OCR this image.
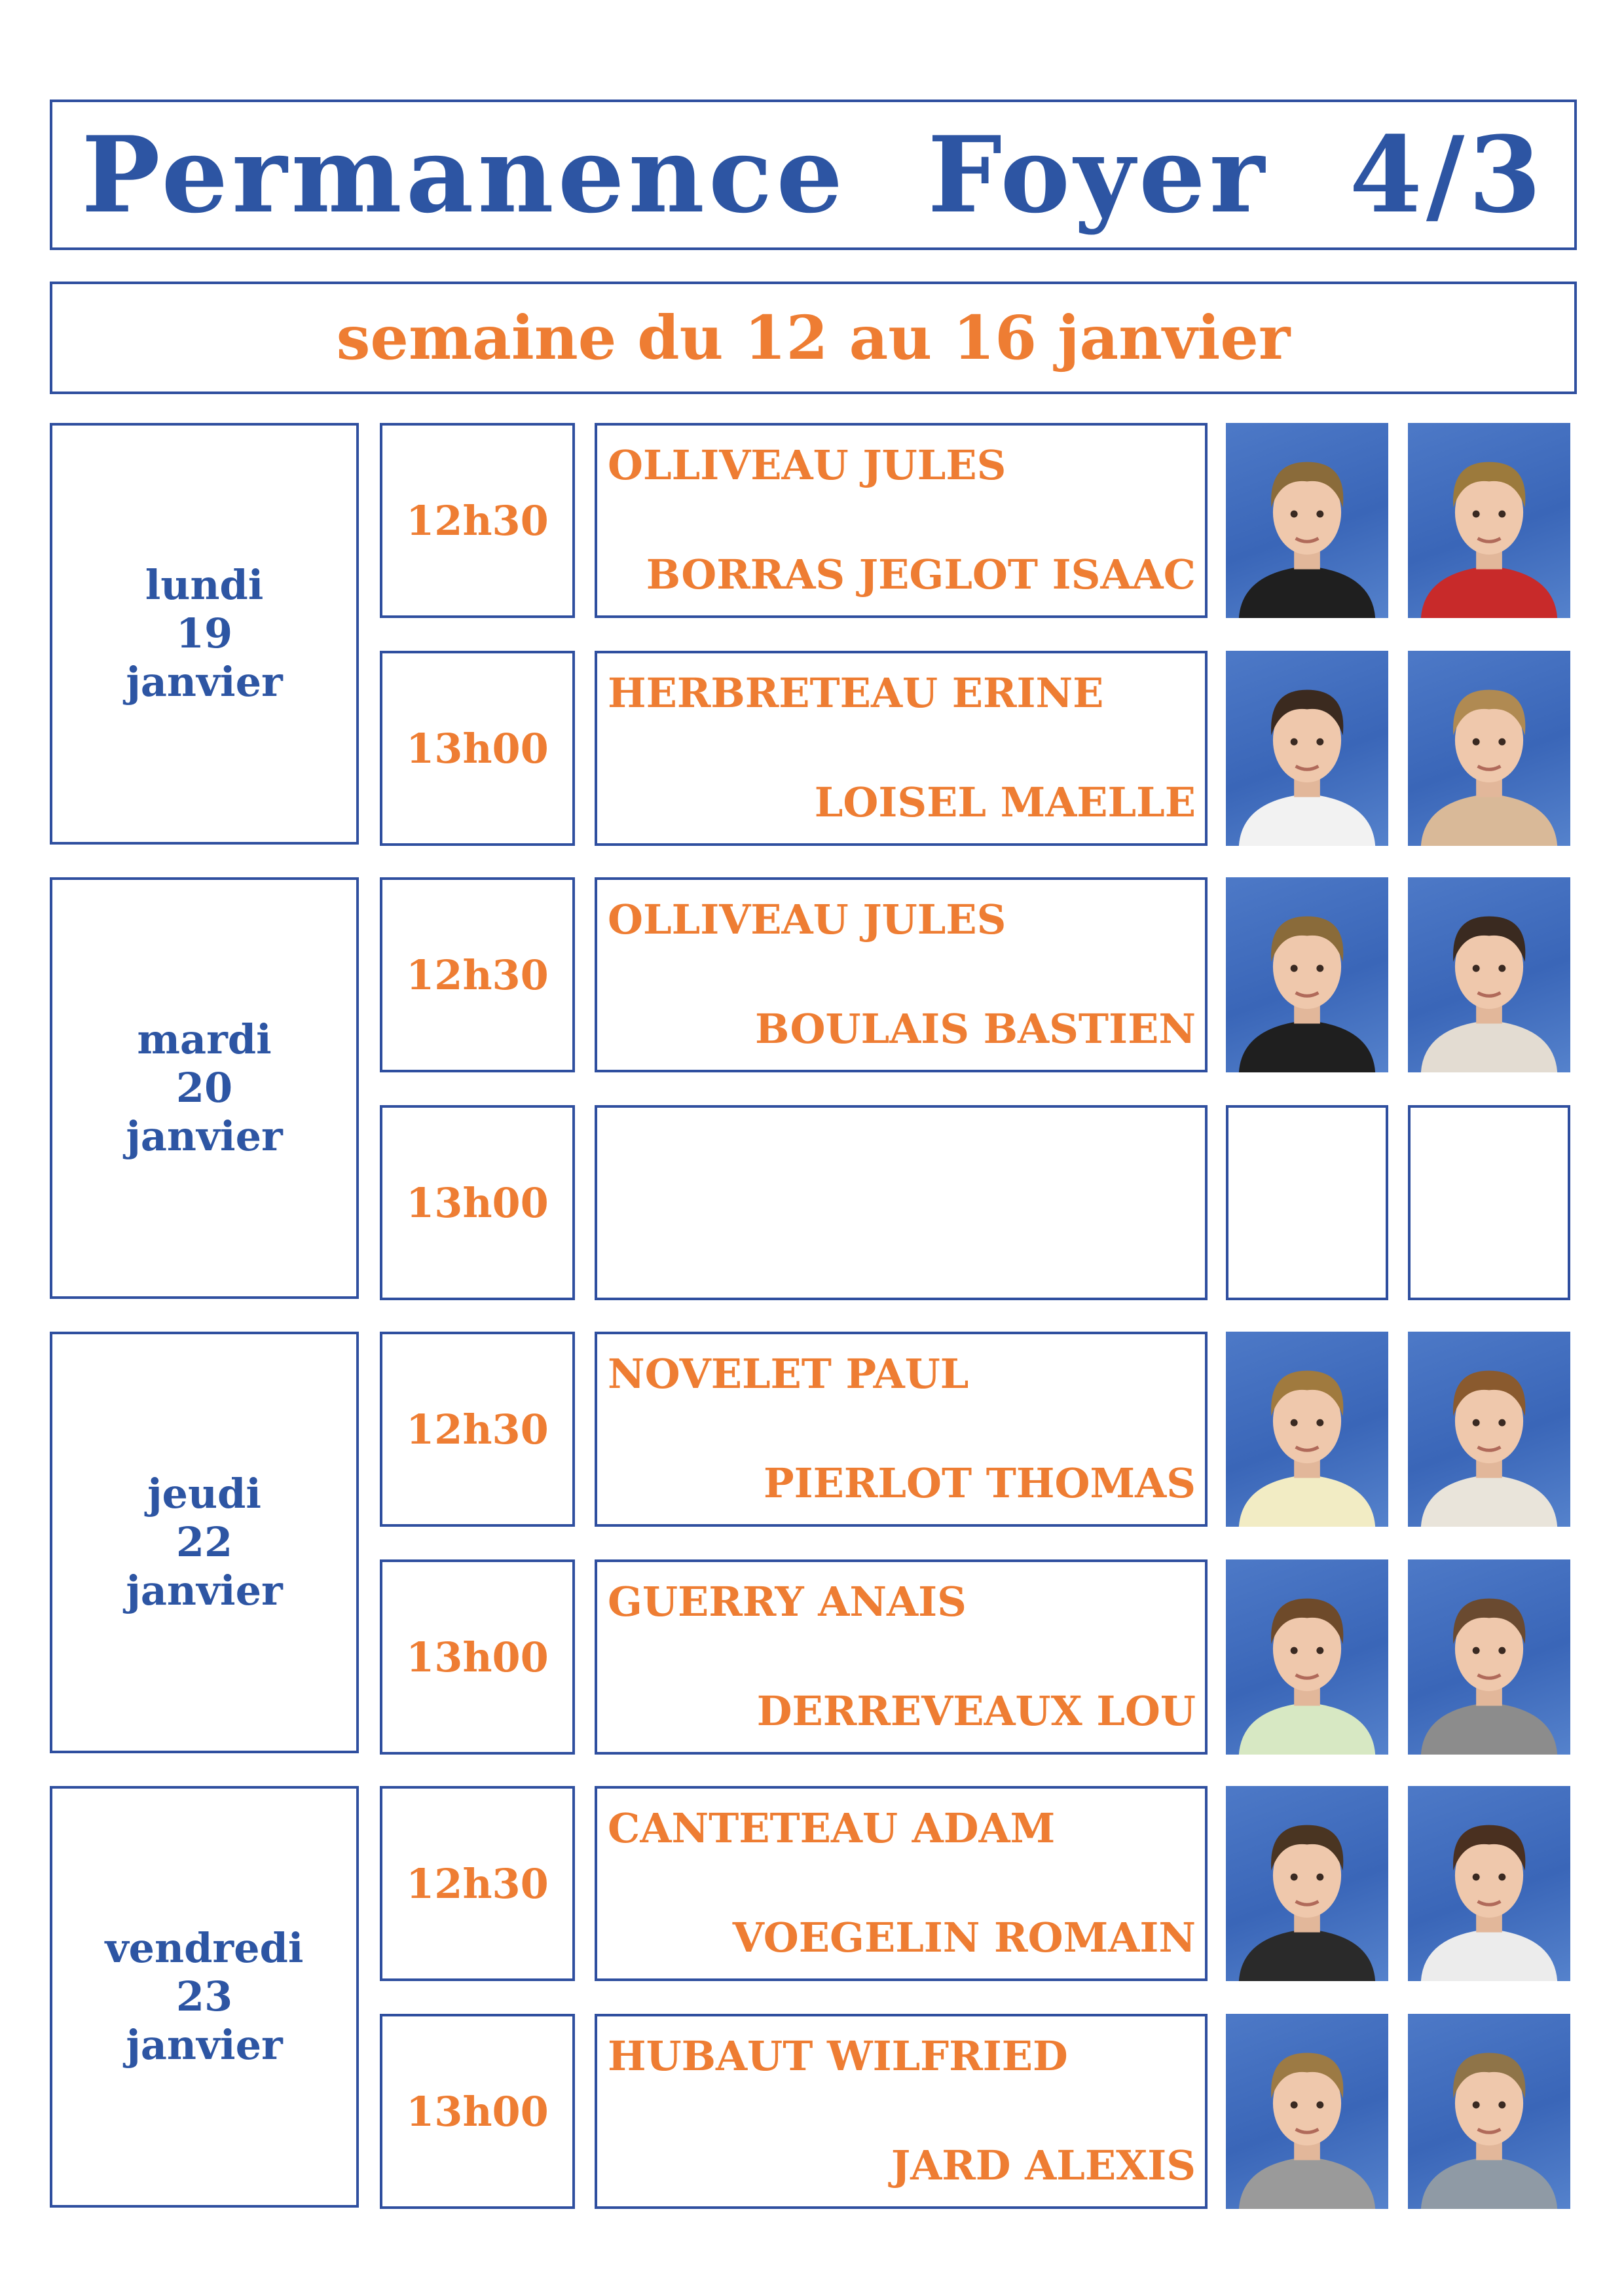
Permanence  Foyer  4/3
semaine du 12 au 16 janvier
lundi
19
janvier
12h30
OLLIVEAU JULES
BORRAS JEGLOT ISAAC
13h00
HERBRETEAU ERINE
LOISEL MAELLE
mardi
20
janvier
12h30
OLLIVEAU JULES
BOULAIS BASTIEN
13h00
jeudi
22
janvier
12h30
NOVELET PAUL
PIERLOT THOMAS
13h00
GUERRY ANAIS
DERREVEAUX LOU
vendredi
23
janvier
12h30
CANTETEAU ADAM
VOEGELIN ROMAIN
13h00
HUBAUT WILFRIED
JARD ALEXIS
